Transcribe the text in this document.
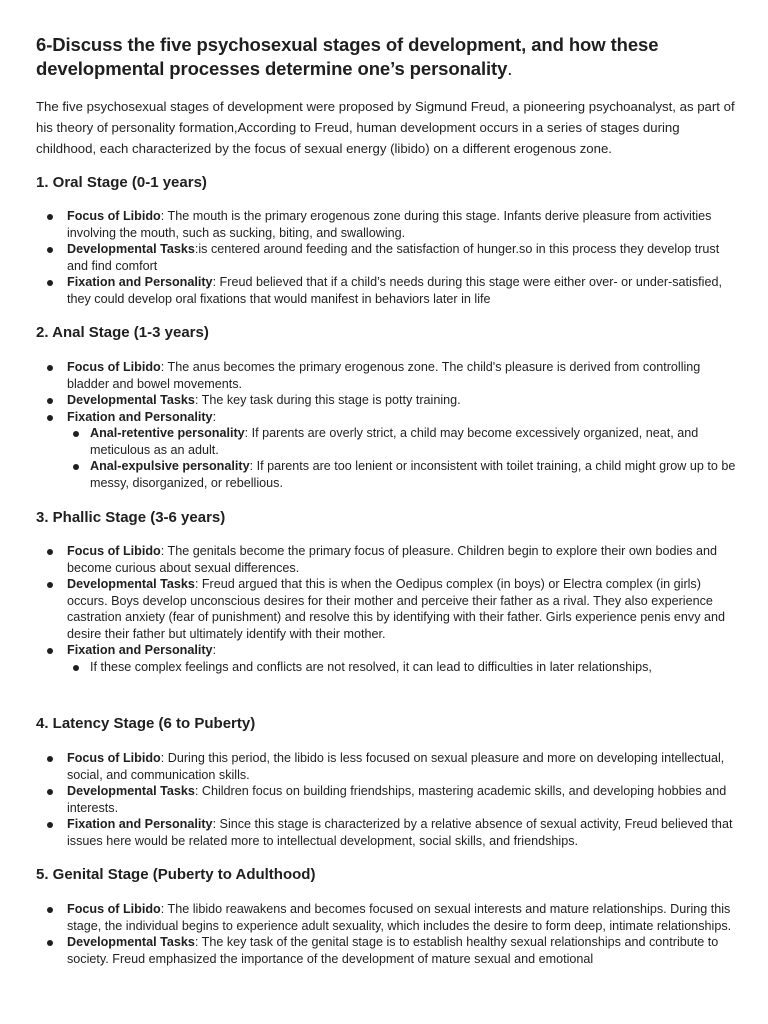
6-Discuss the five psychosexual stages of development, and how these developmental processes determine one’s personality.

The five psychosexual stages of development were proposed by Sigmund Freud, a pioneering psychoanalyst, as part of his theory of personality formation,According to Freud, human development occurs in a series of stages during childhood, each characterized by the focus of sexual energy (libido) on a different erogenous zone.

1. Oral Stage (0-1 years)
Focus of Libido: The mouth is the primary erogenous zone during this stage. Infants derive pleasure from activities involving the mouth, such as sucking, biting, and swallowing.
Developmental Tasks:is centered around feeding and the satisfaction of hunger.so in this process they develop trust and find comfort
Fixation and Personality: Freud believed that if a child’s needs during this stage were either over- or under-satisfied, they could develop oral fixations that would manifest in behaviors later in life
2. Anal Stage (1-3 years)
Focus of Libido: The anus becomes the primary erogenous zone. The child's pleasure is derived from controlling bladder and bowel movements.
Developmental Tasks: The key task during this stage is potty training.
Fixation and Personality:
Anal-retentive personality: If parents are overly strict, a child may become excessively organized, neat, and meticulous as an adult.
Anal-expulsive personality: If parents are too lenient or inconsistent with toilet training, a child might grow up to be messy, disorganized, or rebellious.
3. Phallic Stage (3-6 years)
Focus of Libido: The genitals become the primary focus of pleasure. Children begin to explore their own bodies and become curious about sexual differences.
Developmental Tasks: Freud argued that this is when the Oedipus complex (in boys) or Electra complex (in girls) occurs. Boys develop unconscious desires for their mother and perceive their father as a rival. They also experience castration anxiety (fear of punishment) and resolve this by identifying with their father. Girls experience penis envy and desire their father but ultimately identify with their mother.
Fixation and Personality:
If these complex feelings and conflicts are not resolved, it can lead to difficulties in later relationships,
4. Latency Stage (6 to Puberty)
Focus of Libido: During this period, the libido is less focused on sexual pleasure and more on developing intellectual, social, and communication skills.
Developmental Tasks: Children focus on building friendships, mastering academic skills, and developing hobbies and interests.
Fixation and Personality: Since this stage is characterized by a relative absence of sexual activity, Freud believed that issues here would be related more to intellectual development, social skills, and friendships.
5. Genital Stage (Puberty to Adulthood)
Focus of Libido: The libido reawakens and becomes focused on sexual interests and mature relationships. During this stage, the individual begins to experience adult sexuality, which includes the desire to form deep, intimate relationships.
Developmental Tasks: The key task of the genital stage is to establish healthy sexual relationships and contribute to society. Freud emphasized the importance of the development of mature sexual and emotional
